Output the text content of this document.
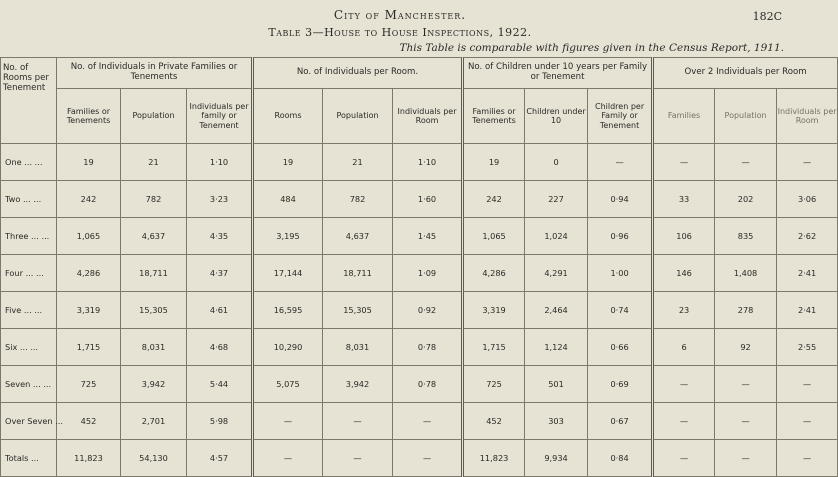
182C
City of Manchester.
Table 3—House to House Inspections, 1922.
This Table is comparable with figures given in the Census Report, 1911.
No. of Rooms per Tenement	No. of Individuals in Private Families or Tenements			No. of Individuals per Room.			No. of Children under 10 years per Family or Tenement			Over 2 Individuals per Room		
	Families or Tenements	Population	Individuals per family or Tenement	Rooms	Population	Individuals per Room	Families or Tenements	Children under 10	Children per Family or Tenement	Families	Population	Individuals per Room
One ... ...	19	21	1·10	19	21	1·10	19	0	—	—	—	—
Two ... ...	242	782	3·23	484	782	1·60	242	227	0·94	33	202	3·06
Three ... ...	1,065	4,637	4·35	3,195	4,637	1·45	1,065	1,024	0·96	106	835	2·62
Four ... ...	4,286	18,711	4·37	17,144	18,711	1·09	4,286	4,291	1·00	146	1,408	2·41
Five ... ...	3,319	15,305	4·61	16,595	15,305	0·92	3,319	2,464	0·74	23	278	2·41
Six ... ...	1,715	8,031	4·68	10,290	8,031	0·78	1,715	1,124	0·66	6	92	2·55
Seven ... ...	725	3,942	5·44	5,075	3,942	0·78	725	501	0·69	—	—	—
Over Seven ...	452	2,701	5·98	—	—	—	452	303	0·67	—	—	—
Totals ...	11,823	54,130	4·57	—	—	—	11,823	9,934	0·84	—	—	—
